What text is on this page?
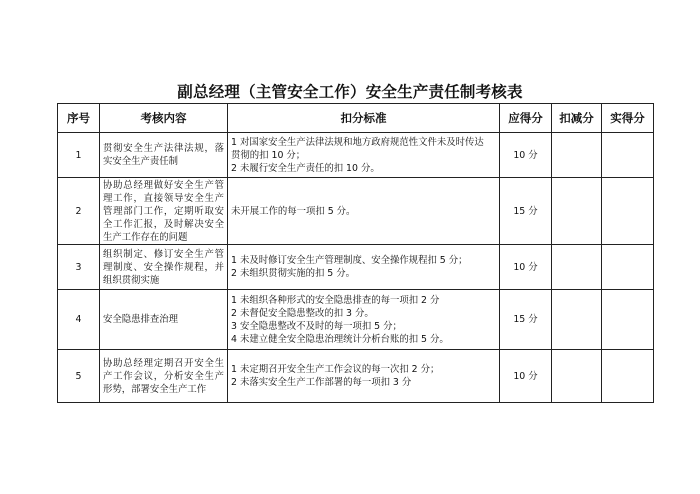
副总经理（主管安全工作）安全生产责任制考核表
序号	考核内容	扣分标准	应得分	扣减分	实得分
1	贯彻安全生产法律法规，落实安全生产责任制	1 对国家安全生产法律法规和地方政府规范性文件未及时传达
贯彻的扣 10 分；
2 未履行安全生产责任的扣 10 分。	10 分		
2	协助总经理做好安全生产管理工作，直接领导安全生产管理部门工作，定期听取安全工作汇报，及时解决安全生产工作存在的问题	未开展工作的每一项扣 5 分。	15 分		
3	组织制定、修订安全生产管理制度、安全操作规程，并组织贯彻实施	1 未及时修订安全生产管理制度、安全操作规程扣 5 分；
2 未组织贯彻实施的扣 5 分。	10 分		
4	安全隐患排查治理	1 未组织各种形式的安全隐患排查的每一项扣 2 分
2 未督促安全隐患整改的扣 3 分。
3 安全隐患整改不及时的每一项扣 5 分；
4 未建立健全安全隐患治理统计分析台账的扣 5 分。	15 分		
5	协助总经理定期召开安全生产工作会议，分析安全生产形势，部署安全生产工作	1 未定期召开安全生产工作会议的每一次扣 2 分；
2 未落实安全生产工作部署的每一项扣 3 分	10 分		
